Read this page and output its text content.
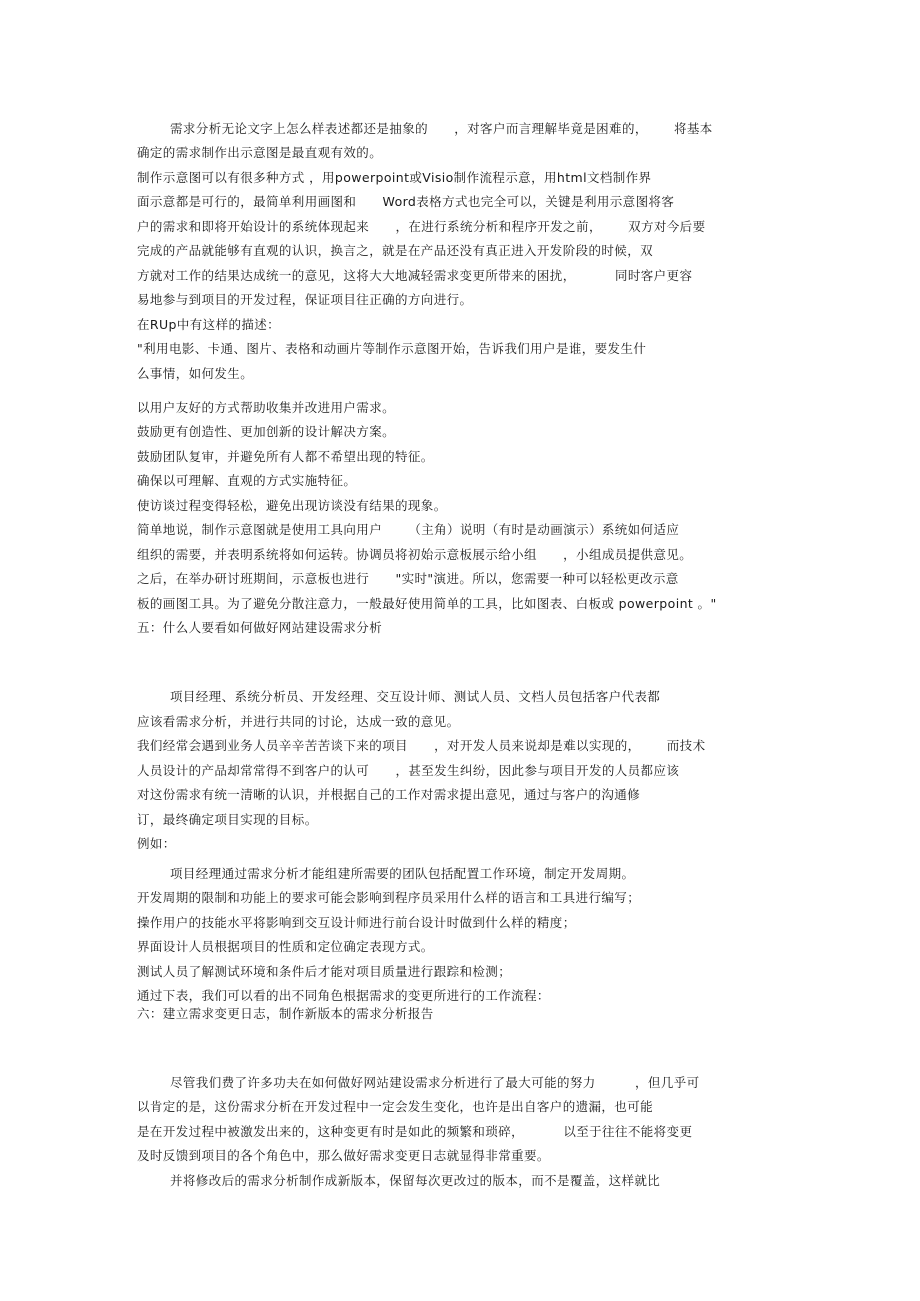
需求分析无论文字上怎么样表述都还是抽象的      ，对客户而言理解毕竟是困难的，      将基本
确定的需求制作出示意图是最直观有效的。
制作示意图可以有很多种方式 ，用powerpoint或Visio制作流程示意，用html文档制作界
面示意都是可行的，最简单利用画图和      Word表格方式也完全可以，关键是利用示意图将客
户的需求和即将开始设计的系统体现起来      ，在进行系统分析和程序开发之前，      双方对今后要
完成的产品就能够有直观的认识，换言之，就是在产品还没有真正进入开发阶段的时候，双
方就对工作的结果达成统一的意见，这将大大地减轻需求变更所带来的困扰，         同时客户更容
易地参与到项目的开发过程，保证项目往正确的方向进行。
在RUp中有这样的描述：
"利用电影、卡通、图片、表格和动画片等制作示意图开始，告诉我们用户是谁，要发生什
么事情，如何发生。
以用户友好的方式帮助收集并改进用户需求。
鼓励更有创造性、更加创新的设计解决方案。
鼓励团队复审，并避免所有人都不希望出现的特征。
确保以可理解、直观的方式实施特征。
使访谈过程变得轻松，避免出现访谈没有结果的现象。
简单地说，制作示意图就是使用工具向用户      （主角）说明（有时是动画演示）系统如何适应
组织的需要，并表明系统将如何运转。协调员将初始示意板展示给小组      ，小组成员提供意见。
之后，在举办研讨班期间，示意板也进行      "实时"演进。所以，您需要一种可以轻松更改示意
板的画图工具。为了避免分散注意力，一般最好使用简单的工具，比如图表、白板或 powerpoint 。"
五：什么人要看如何做好网站建设需求分析
项目经理、系统分析员、开发经理、交互设计师、测试人员、文档人员包括客户代表都
应该看需求分析，并进行共同的讨论，达成一致的意见。
我们经常会遇到业务人员辛辛苦苦谈下来的项目      ，对开发人员来说却是难以实现的，      而技术
人员设计的产品却常常得不到客户的认可      ，甚至发生纠纷，因此参与项目开发的人员都应该
对这份需求有统一清晰的认识，并根据自己的工作对需求提出意见，通过与客户的沟通修
订，最终确定项目实现的目标。
例如：
项目经理通过需求分析才能组建所需要的团队包括配置工作环境，制定开发周期。
开发周期的限制和功能上的要求可能会影响到程序员采用什么样的语言和工具进行编写；
操作用户的技能水平将影响到交互设计师进行前台设计时做到什么样的精度；
界面设计人员根据项目的性质和定位确定表现方式。
测试人员了解测试环境和条件后才能对项目质量进行跟踪和检测；
通过下表，我们可以看的出不同角色根据需求的变更所进行的工作流程：
六：建立需求变更日志，制作新版本的需求分析报告
尽管我们费了许多功夫在如何做好网站建设需求分析进行了最大可能的努力         ，但几乎可
以肯定的是，这份需求分析在开发过程中一定会发生变化，也许是出自客户的遗漏，也可能
是在开发过程中被激发出来的，这种变更有时是如此的频繁和琐碎，         以至于往往不能将变更
及时反馈到项目的各个角色中，那么做好需求变更日志就显得非常重要。
并将修改后的需求分析制作成新版本，保留每次更改过的版本，而不是覆盖，这样就比
